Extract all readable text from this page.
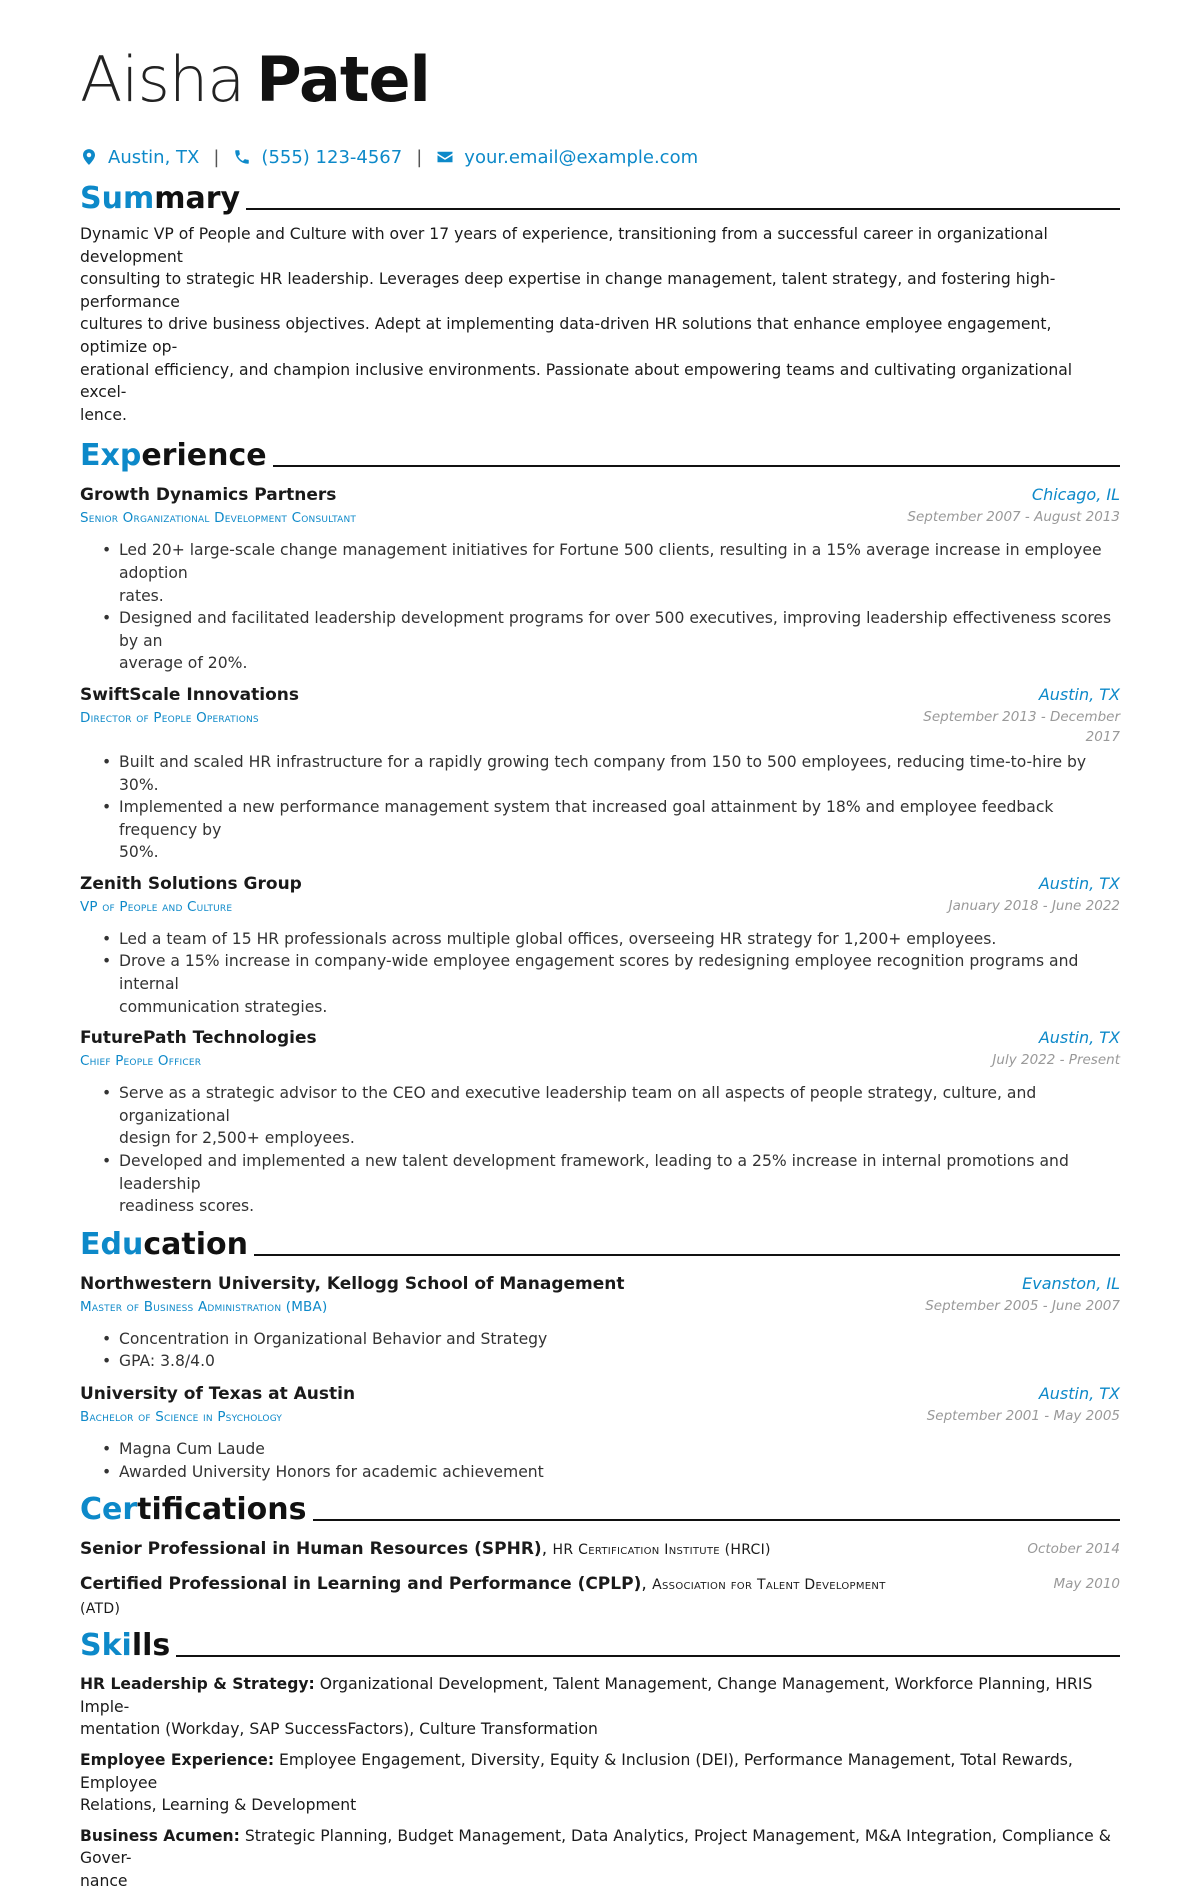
Aisha Patel
Austin, TX | (555) 123-4567 | your.email@example.com
Sum mary
Dynamic VP of People and Culture with over 17 years of experience, transitioning from a successful career in organizational development
consulting to strategic HR leadership. Leverages deep expertise in change management, talent strategy, and fostering high-performance
cultures to drive business objectives. Adept at implementing data-driven HR solutions that enhance employee engagement, optimize op-
erational efficiency, and champion inclusive environments. Passionate about empowering teams and cultivating organizational excel-
lence.
Exp erience
Growth Dynamics Partners
Senior Organizational Development Consultant
Chicago, IL
September 2007 - August 2013
• Led 20+ large-scale change management initiatives for Fortune 500 clients, resulting in a 15% average increase in employee adoption
rates.
• Designed and facilitated leadership development programs for over 500 executives, improving leadership effectiveness scores by an
average of 20%.
SwiftScale Innovations
Director of People Operations
Austin, TX
September 2013 - December
2017
• Built and scaled HR infrastructure for a rapidly growing tech company from 150 to 500 employees, reducing time-to-hire by 30%.
• Implemented a new performance management system that increased goal attainment by 18% and employee feedback frequency by
50%.
Zenith Solutions Group
VP of People and Culture
Austin, TX
January 2018 - June 2022
• Led a team of 15 HR professionals across multiple global offices, overseeing HR strategy for 1,200+ employees.
• Drove a 15% increase in company-wide employee engagement scores by redesigning employee recognition programs and internal
communication strategies.
FuturePath Technologies
Chief People Officer
Austin, TX
July 2022 - Present
• Serve as a strategic advisor to the CEO and executive leadership team on all aspects of people strategy, culture, and organizational
design for 2,500+ employees.
• Developed and implemented a new talent development framework, leading to a 25% increase in internal promotions and leadership
readiness scores.
Edu cation
Northwestern University, Kellogg School of Management
Master of Business Administration (MBA)
Evanston, IL
September 2005 - June 2007
• Concentration in Organizational Behavior and Strategy
• GPA: 3.8/4.0
University of Texas at Austin
Bachelor of Science in Psychology
Austin, TX
September 2001 - May 2005
• Magna Cum Laude
• Awarded University Honors for academic achievement
Cer tifications
Senior Professional in Human Resources (SPHR), HR Certification Institute (HRCI)	October 2014
Certified Professional in Learning and Performance (CPLP), Association for Talent Development
(ATD)
May 2010
Ski lls
HR Leadership & Strategy: Organizational Development, Talent Management, Change Management, Workforce Planning, HRIS Imple-
mentation (Workday, SAP SuccessFactors), Culture Transformation
Employee Experience: Employee Engagement, Diversity, Equity & Inclusion (DEI), Performance Management, Total Rewards, Employee
Relations, Learning & Development
Business Acumen: Strategic Planning, Budget Management, Data Analytics, Project Management, M&A Integration, Compliance & Gover-
nance
